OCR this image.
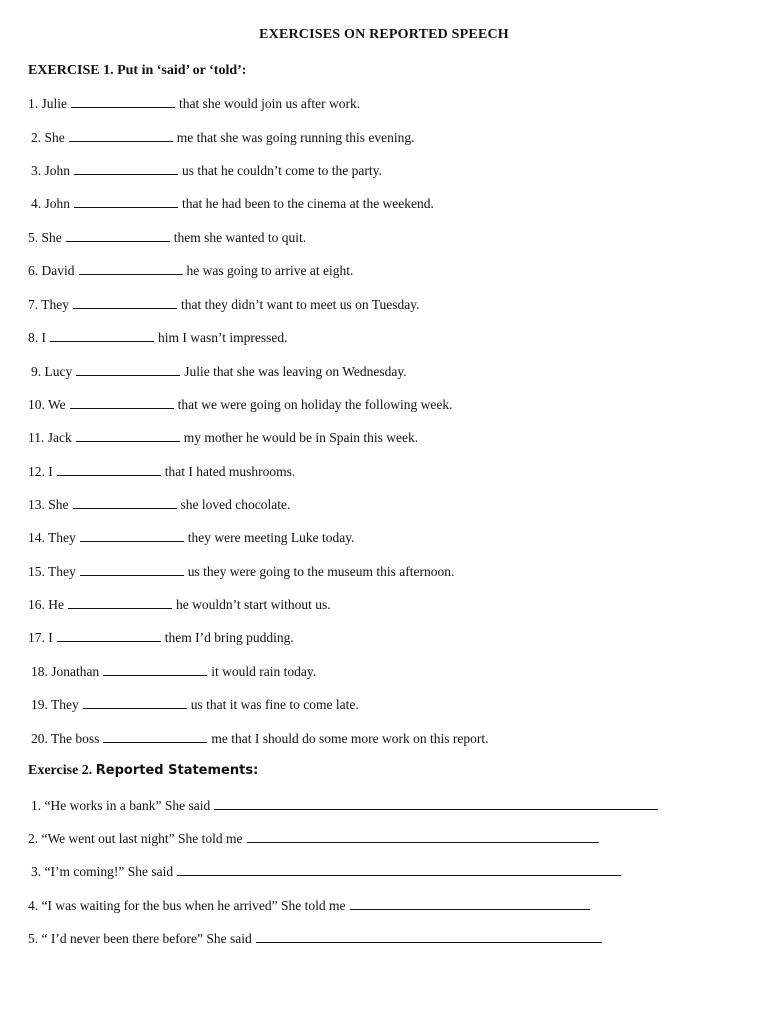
EXERCISES ON REPORTED SPEECH
EXERCISE 1. Put in ‘said’ or ‘told’:
1. Julie	that she would join us after work.
2. She	me that she was going running this evening.
3. John	us that he couldn’t come to the party.
4. John	that he had been to the cinema at the weekend.
5. She	them she wanted to quit.
6. David	he was going to arrive at eight.
7. They	that they didn’t want to meet us on Tuesday.
8. I	him I wasn’t impressed.
9. Lucy	Julie that she was leaving on Wednesday.
10. We	that we were going on holiday the following week.
11. Jack	my mother he would be in Spain this week.
12. I	that I hated mushrooms.
13. She	she loved chocolate.
14. They	they were meeting Luke today.
15. They	us they were going to the museum this afternoon.
16. He	he wouldn’t start without us.
17. I	them I’d bring pudding.
18. Jonathan	it would rain today.
19. They	us that it was fine to come late.
20. The boss	me that I should do some more work on this report.
Exercise 2. Reported Statements:
1. “He works in a bank” She said
2. “We went out last night” She told me
3. “I’m coming!” She said
4. “I was waiting for the bus when he arrived” She told me
5. “ I’d never been there before” She said
